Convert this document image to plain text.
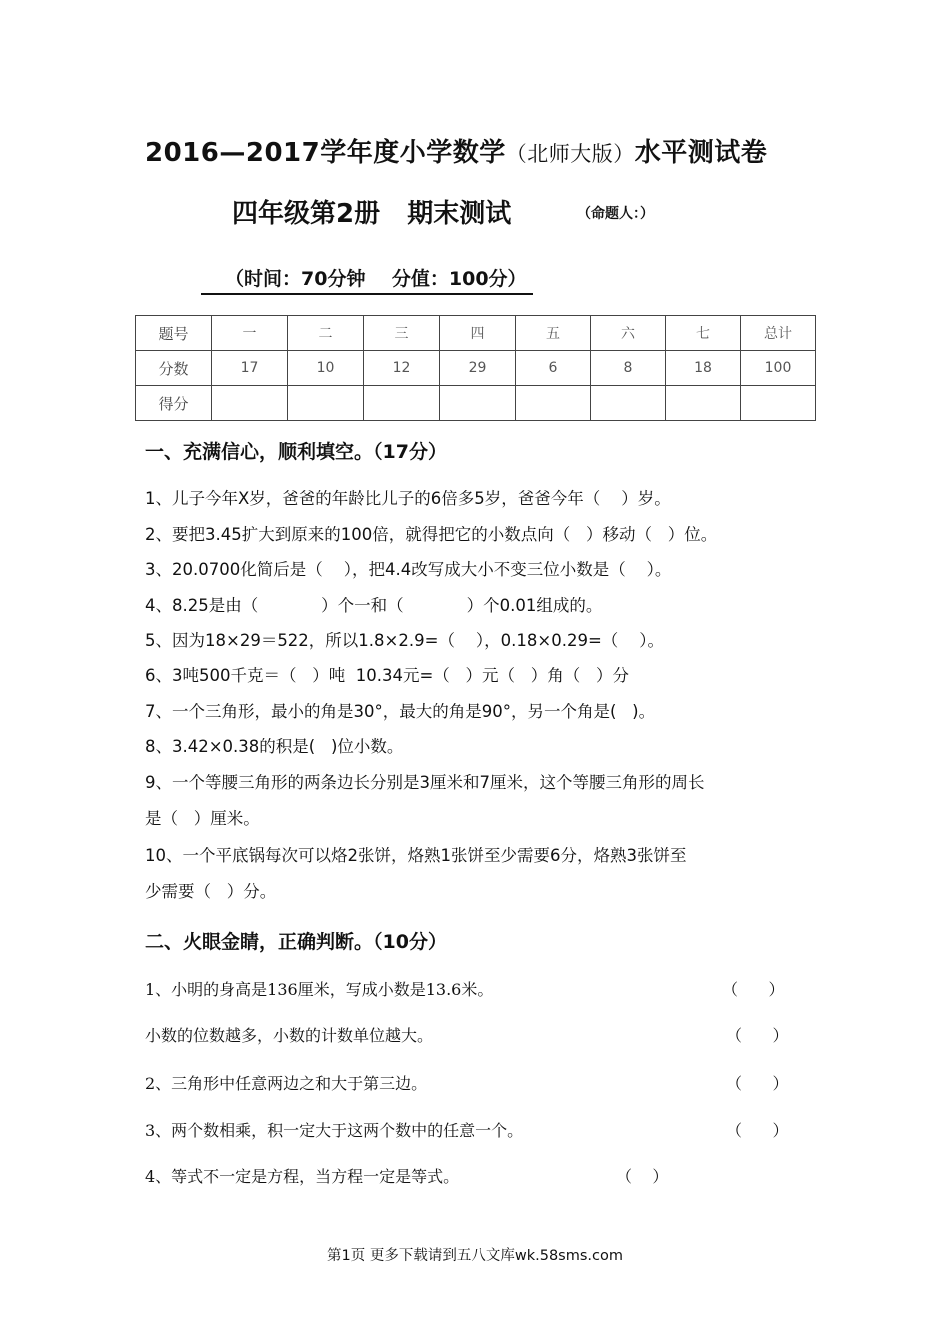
2016—2017学年度小学数学（北师大版）水平测试卷
四年级第2册   期末测试	（命题人：）
（时间：70分钟    分值：100分）
题号	一	二	三	四	五	六	七	总计
分数	17	10	12	29	6	8	18	100
得分								
一、充满信心，顺利填空。（17分）
1、儿子今年X岁，爸爸的年龄比儿子的6倍多5岁，爸爸今年（    ）岁。
2、要把3.45扩大到原来的100倍，就得把它的小数点向（   ）移动（   ）位。
3、20.0700化简后是（    ），把4.4改写成大小不变三位小数是（    ）。
4、8.25是由（            ）个一和（            ）个0.01组成的。
5、因为18×29＝522，所以1.8×2.9=（    ），0.18×0.29=（    ）。
6、3吨500千克＝（   ）吨  10.34元=（   ）元（   ）角（   ）分
7、一个三角形，最小的角是30°，最大的角是90°，另一个角是(   )。
8、3.42×0.38的积是(   )位小数。
9、一个等腰三角形的两条边长分别是3厘米和7厘米，这个等腰三角形的周长
是（   ）厘米。
10、一个平底锅每次可以烙2张饼，烙熟1张饼至少需要6分，烙熟3张饼至
少需要（   ）分。
二、火眼金睛，正确判断。（10分）
1、小明的身高是136厘米，写成小数是13.6米。	（      ）
小数的位数越多，小数的计数单位越大。	（      ）
2、三角形中任意两边之和大于第三边。	（      ）
3、两个数相乘，积一定大于这两个数中的任意一个。	（      ）
4、等式不一定是方程，当方程一定是等式。	（    ）
第1页 更多下载请到五八文库wk.58sms.com
